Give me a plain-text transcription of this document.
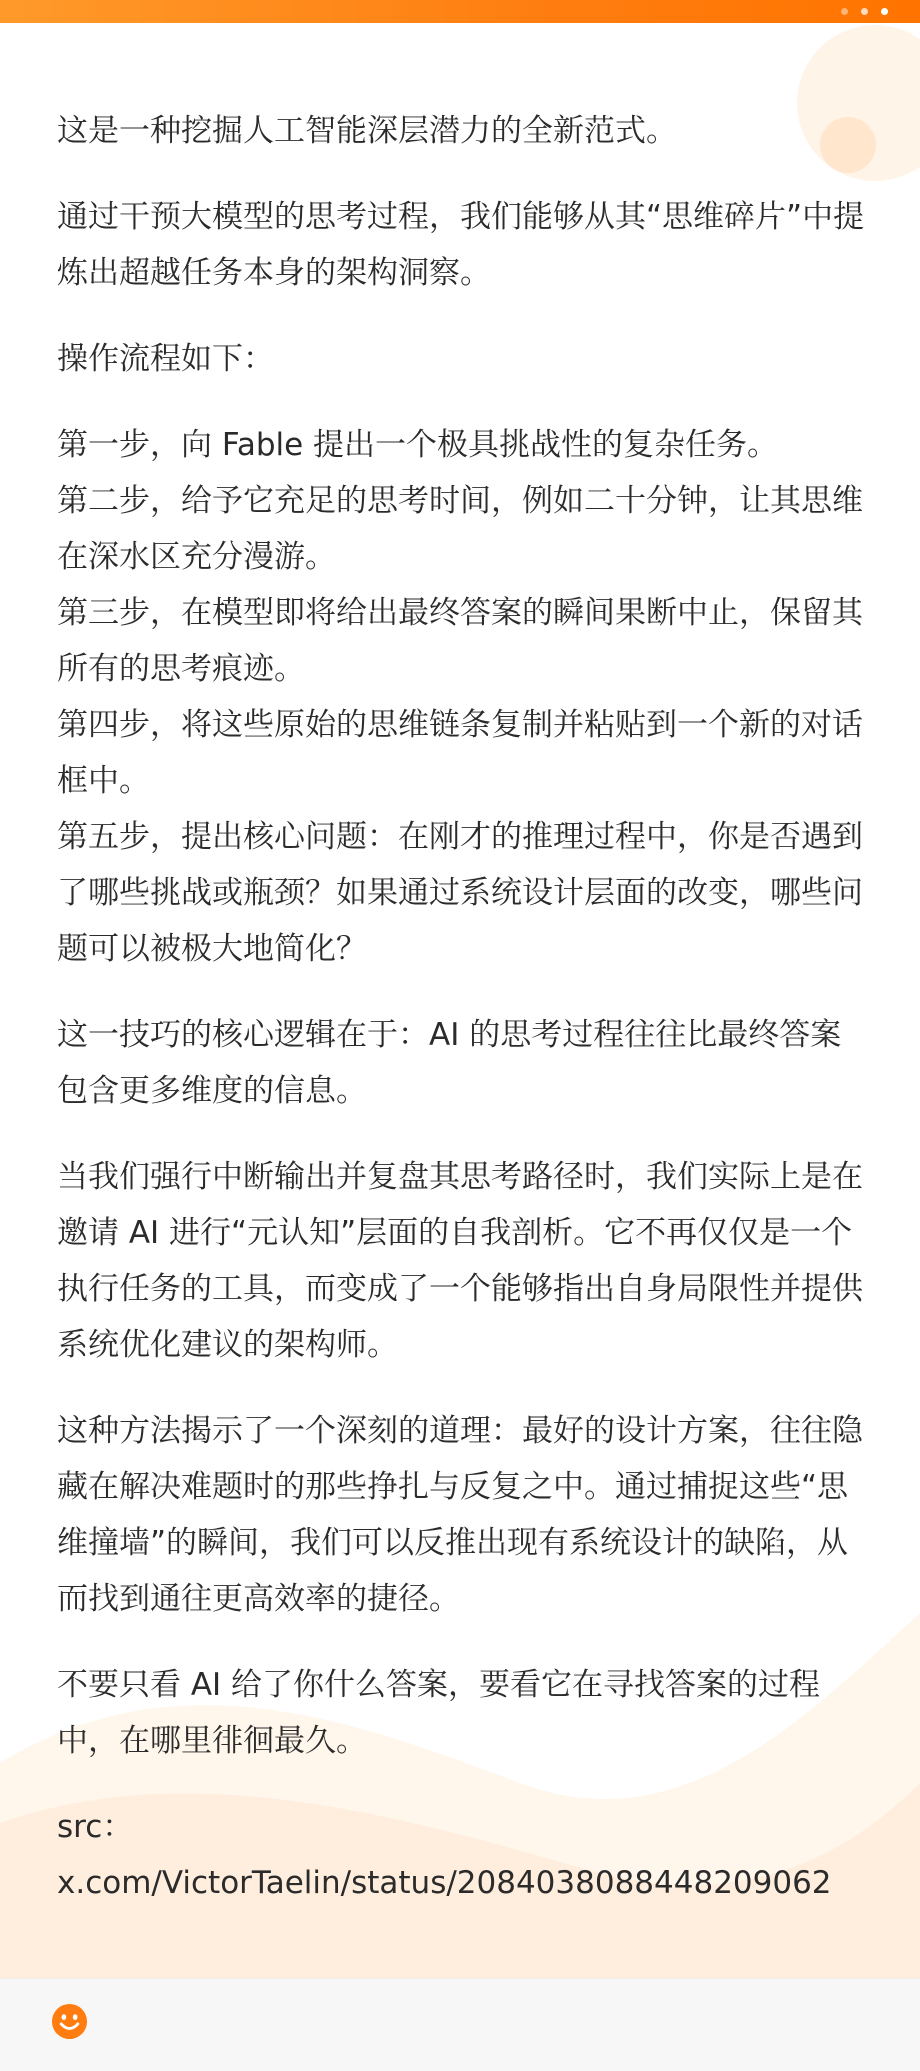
这是一种挖掘人工智能深层潜力的全新范式。

通过干预大模型的思考过程，我们能够从其“思维碎片”中提炼出超越任务本身的架构洞察。

操作流程如下：

第一步，向 Fable 提出一个极具挑战性的复杂任务。

第二步，给予它充足的思考时间，例如二十分钟，让其思维在深水区充分漫游。

第三步，在模型即将给出最终答案的瞬间果断中止，保留其所有的思考痕迹。

第四步，将这些原始的思维链条复制并粘贴到一个新的对话框中。

第五步，提出核心问题：在刚才的推理过程中，你是否遇到了哪些挑战或瓶颈？如果通过系统设计层面的改变，哪些问题可以被极大地简化？

这一技巧的核心逻辑在于：AI 的思考过程往往比最终答案包含更多维度的信息。

当我们强行中断输出并复盘其思考路径时，我们实际上是在邀请 AI 进行“元认知”层面的自我剖析。它不再仅仅是一个执行任务的工具，而变成了一个能够指出自身局限性并提供系统优化建议的架构师。

这种方法揭示了一个深刻的道理：最好的设计方案，往往隐藏在解决难题时的那些挣扎与反复之中。通过捕捉这些“思维撞墙”的瞬间，我们可以反推出现有系统设计的缺陷，从而找到通往更高效率的捷径。

不要只看 AI 给了你什么答案，要看它在寻找答案的过程中，在哪里徘徊最久。

src：
x.com/VictorTaelin/status/2084038088448209062
